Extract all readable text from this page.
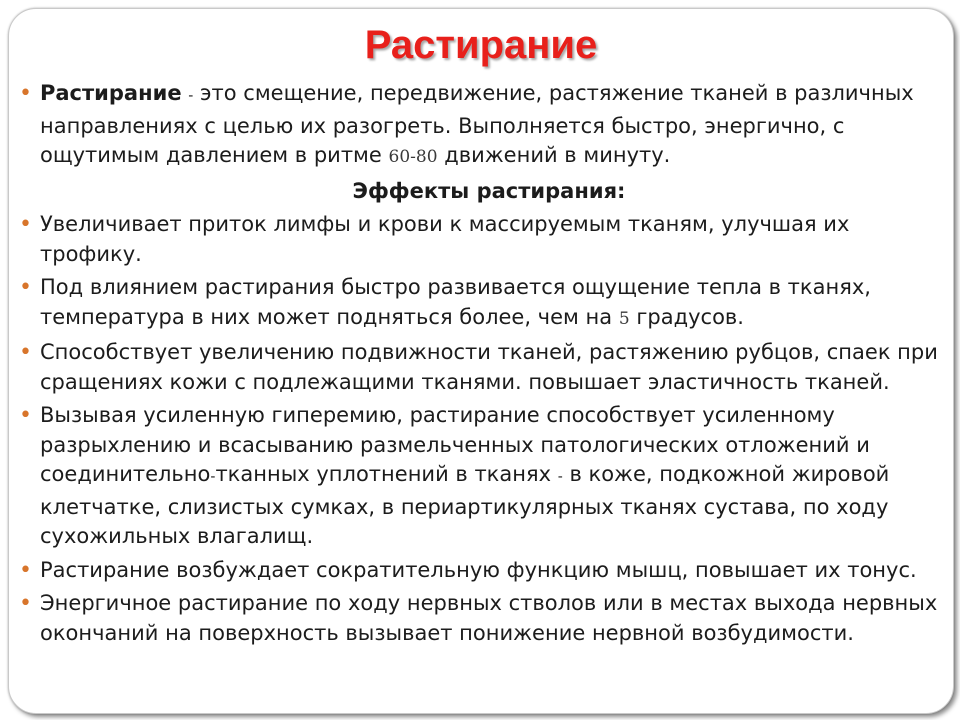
Растирание
• Растирание - это смещение, передвижение, растяжение тканей в различных направлениях с целью их разогреть. Выполняется быстро, энергично, с ощутимым давлением в ритме 60-80 движений в минуту.
Эффекты растирания:
• Увеличивает приток лимфы и крови к массируемым тканям, улучшая их трофику.
• Под влиянием растирания быстро развивается ощущение тепла в тканях, температура в них может подняться более, чем на 5 градусов.
• Способствует увеличению подвижности тканей, растяжению рубцов, спаек при сращениях кожи с подлежащими тканями. повышает эластичность тканей.
• Вызывая усиленную гиперемию, растирание способствует усиленному разрыхлению и всасыванию размельченных патологических отложений и соединительно-тканных уплотнений в тканях - в коже, подкожной жировой клетчатке, слизистых сумках, в периартикулярных тканях сустава, по ходу сухожильных влагалищ.
• Растирание возбуждает сократительную функцию мышц, повышает их тонус.
• Энергичное растирание по ходу нервных стволов или в местах выхода нервных окончаний на поверхность вызывает понижение нервной возбудимости.
